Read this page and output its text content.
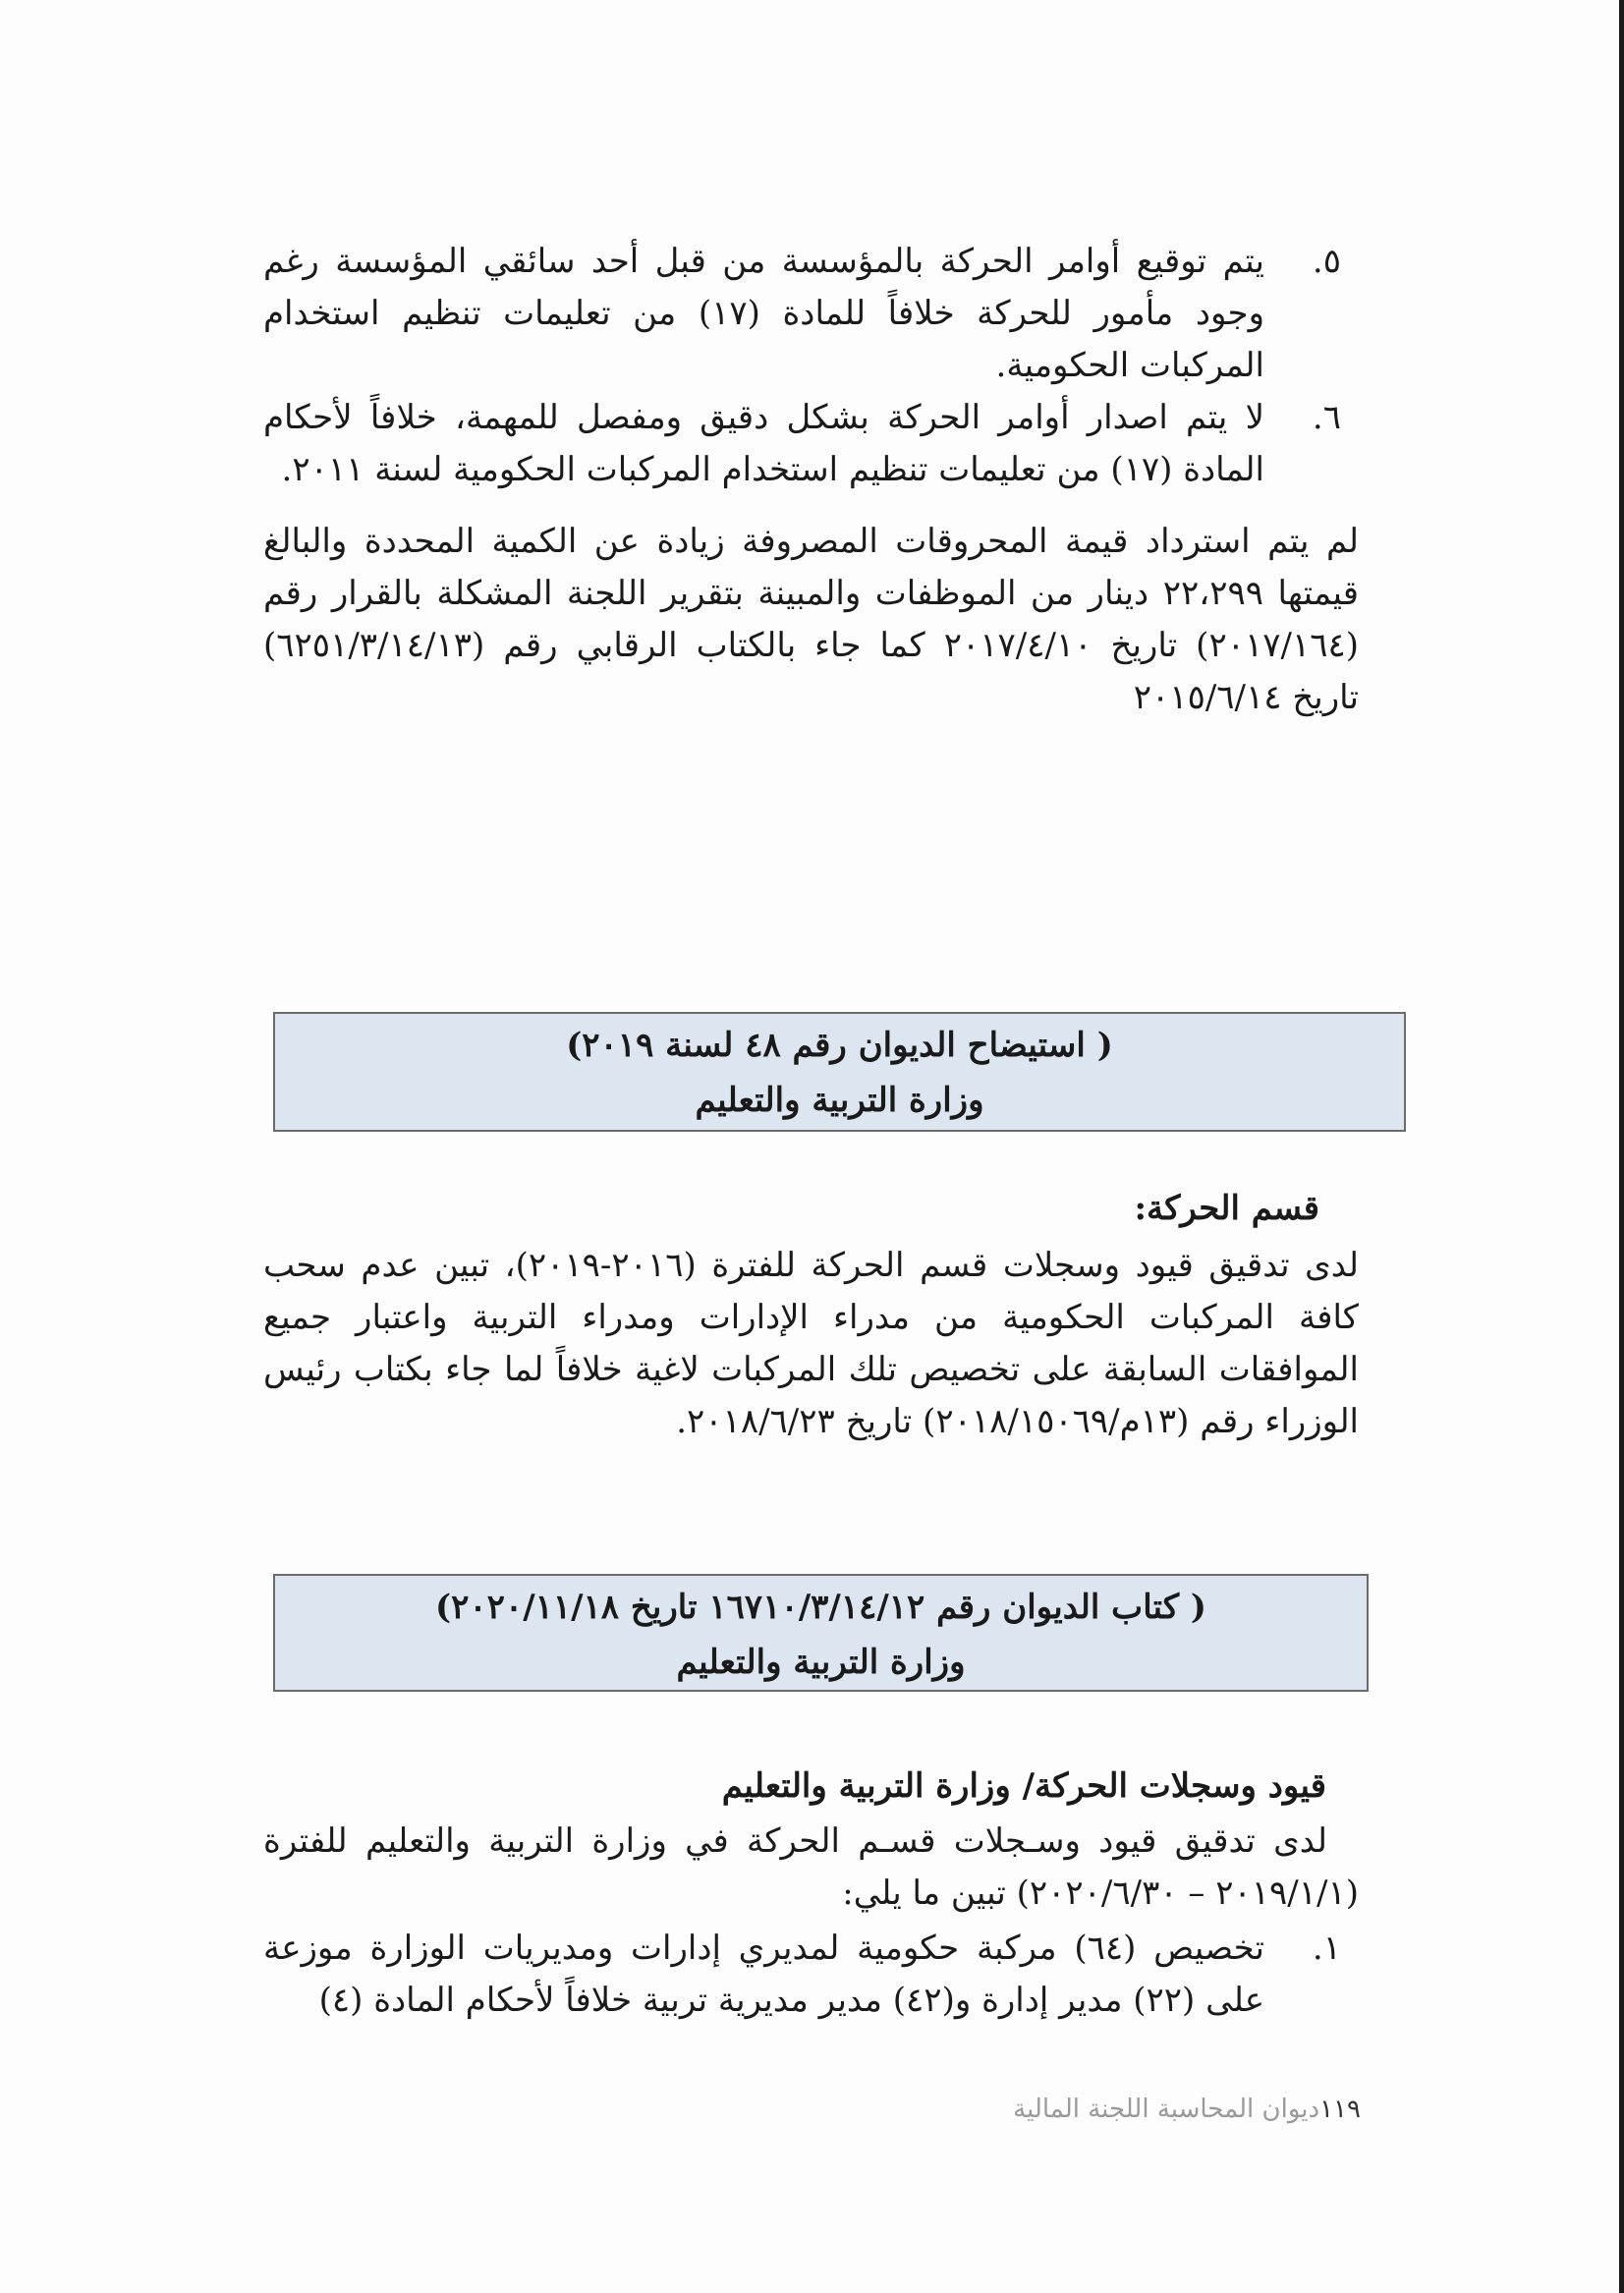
٥.
يتم توقيع أوامر الحركة بالمؤسسة من قبل أحد سائقي المؤسسة رغم وجود مأمور للحركة خلافاً للمادة (١٧) من تعليمات تنظيم استخدام المركبات الحكومية.
٦.
لا يتم اصدار أوامر الحركة بشكل دقيق ومفصل للمهمة، خلافاً لأحكام المادة (١٧) من تعليمات تنظيم استخدام المركبات الحكومية لسنة ٢٠١١.

لم يتم استرداد قيمة المحروقات المصروفة زيادة عن الكمية المحددة والبالغ قيمتها ٢٢،٢٩٩ دينار من الموظفات والمبينة بتقرير اللجنة المشكلة بالقرار رقم (٢٠١٧/١٦٤) تاريخ ٢٠١٧/٤/١٠ كما جاء بالكتاب الرقابي رقم (٦٢٥١/٣/١٤/١٣) تاريخ ٢٠١٥/٦/١٤

( استيضاح الديوان رقم ٤٨ لسنة ٢٠١٩)
وزارة التربية والتعليم
قسم الحركة:

لدى تدقيق قيود وسجلات قسم الحركة للفترة (٢٠١٦-٢٠١٩)، تبين عدم سحب كافة المركبات الحكومية من مدراء الإدارات ومدراء التربية واعتبار جميع الموافقات السابقة على تخصيص تلك المركبات لاغية خلافاً لما جاء بكتاب رئيس الوزراء رقم (١٣م/٢٠١٨/١٥٠٦٩) تاريخ ٢٠١٨/٦/٢٣.

( كتاب الديوان رقم ١٦٧١٠/٣/١٤/١٢ تاريخ ٢٠٢٠/١١/١٨)
وزارة التربية والتعليم
قيود وسجلات الحركة/ وزارة التربية والتعليم

لدى تدقيق قيود وسـجلات قسـم الحركة في وزارة التربية والتعليم للفترة (٢٠١٩/١/١ – ٢٠٢٠/٦/٣٠) تبين ما يلي:

١.
تخصيص (٦٤) مركبة حكومية لمديري إدارات ومديريات الوزارة موزعة على (٢٢) مدير إدارة و(٤٢) مدير مديرية تربية خلافاً لأحكام المادة (٤)
١١٩ديوان المحاسبة اللجنة المالية
